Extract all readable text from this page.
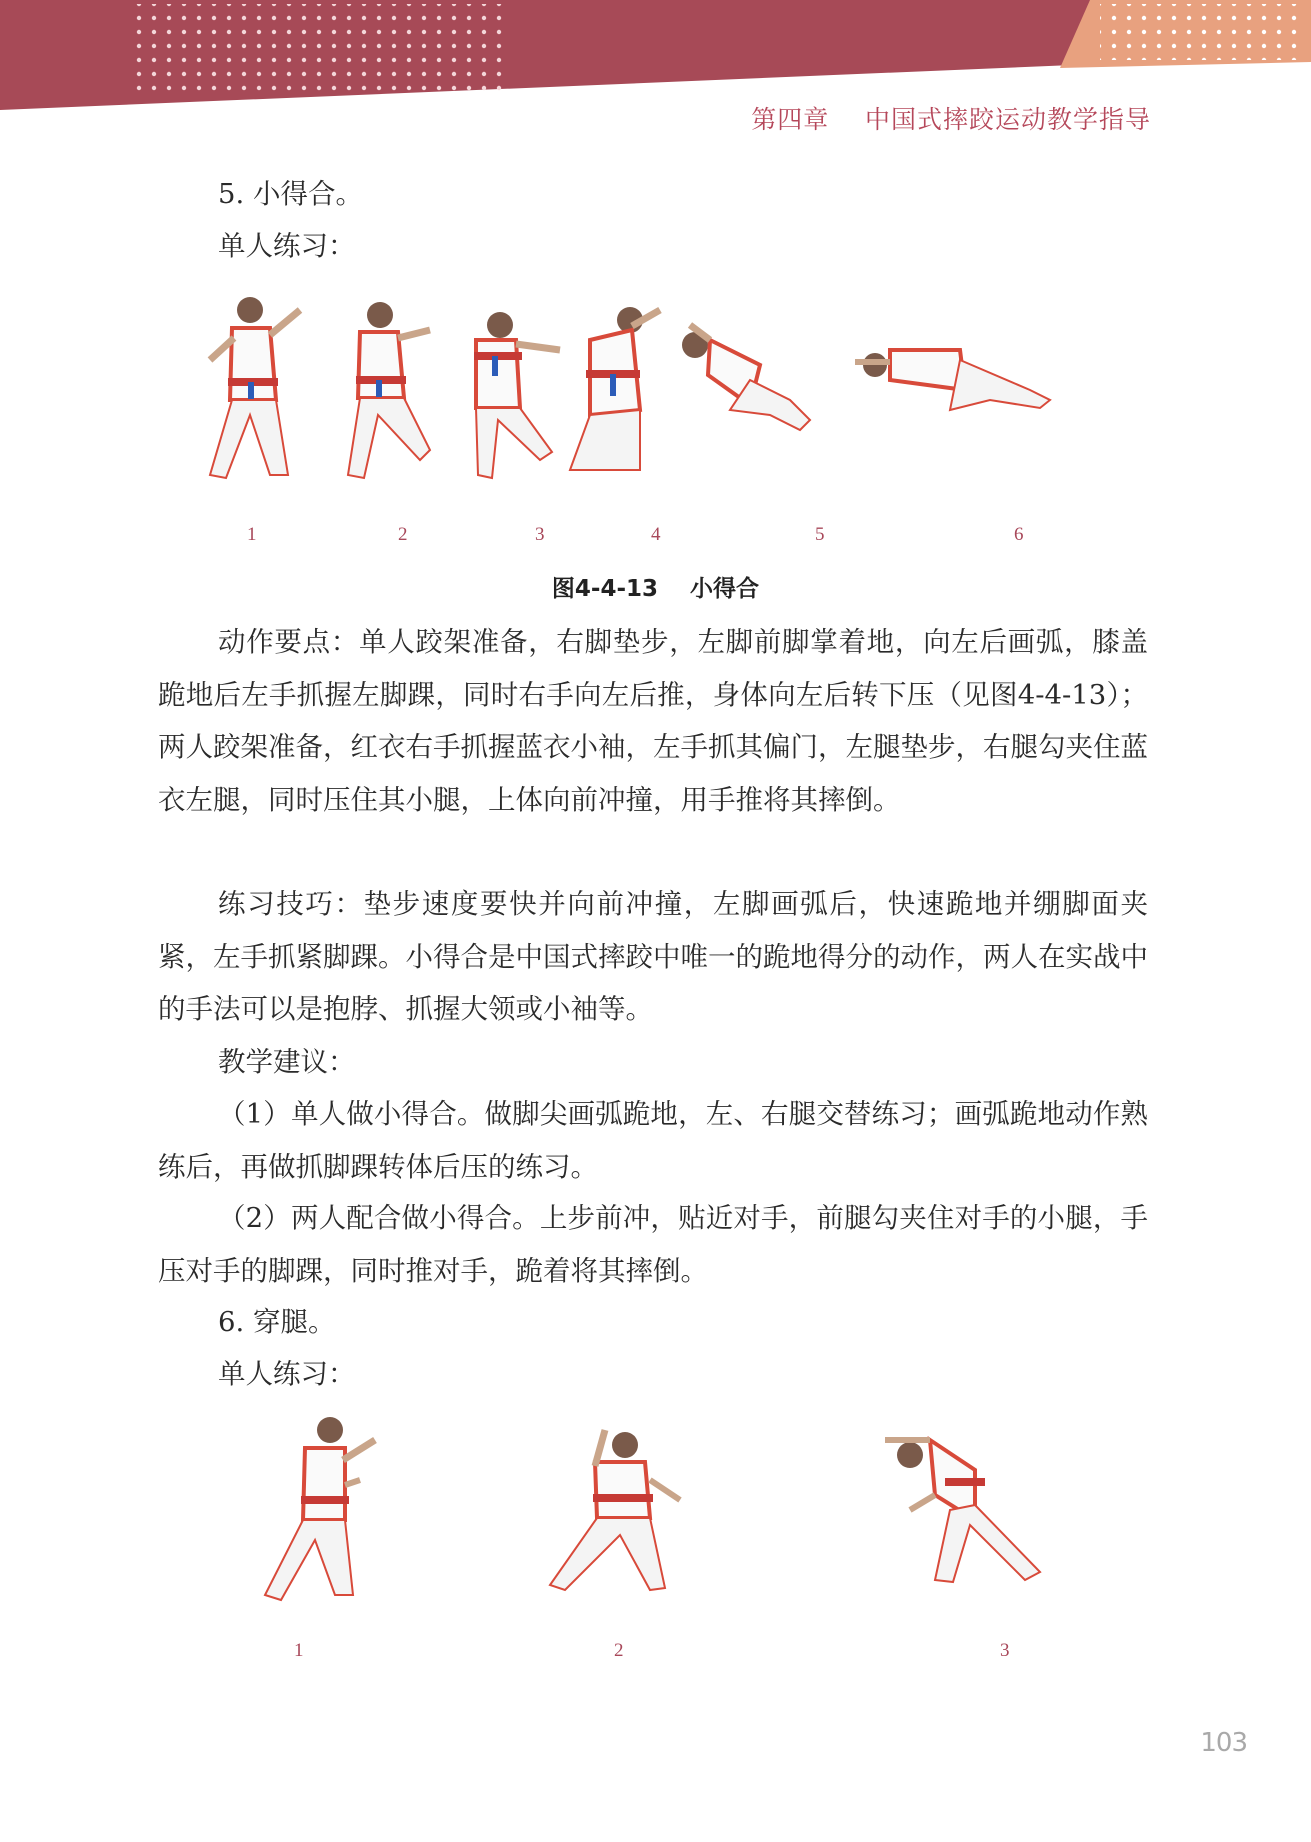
第四章    中国式摔跤运动教学指导

5. 小得合。

单人练习：

1	2	3	4	5	6
图4-4-13    小得合

动作要点：单人跤架准备，右脚垫步，左脚前脚掌着地，向左后画弧，膝盖跪地后左手抓握左脚踝，同时右手向左后推，身体向左后转下压（见图4-4-13）；两人跤架准备，红衣右手抓握蓝衣小袖，左手抓其偏门，左腿垫步，右腿勾夹住蓝衣左腿，同时压住其小腿，上体向前冲撞，用手推将其摔倒。

练习技巧：垫步速度要快并向前冲撞，左脚画弧后，快速跪地并绷脚面夹紧，左手抓紧脚踝。小得合是中国式摔跤中唯一的跪地得分的动作，两人在实战中的手法可以是抱脖、抓握大领或小袖等。

教学建议：

（1）单人做小得合。做脚尖画弧跪地，左、右腿交替练习；画弧跪地动作熟练后，再做抓脚踝转体后压的练习。

（2）两人配合做小得合。上步前冲，贴近对手，前腿勾夹住对手的小腿，手压对手的脚踝，同时推对手，跪着将其摔倒。

6. 穿腿。

单人练习：

1	2	3
103
